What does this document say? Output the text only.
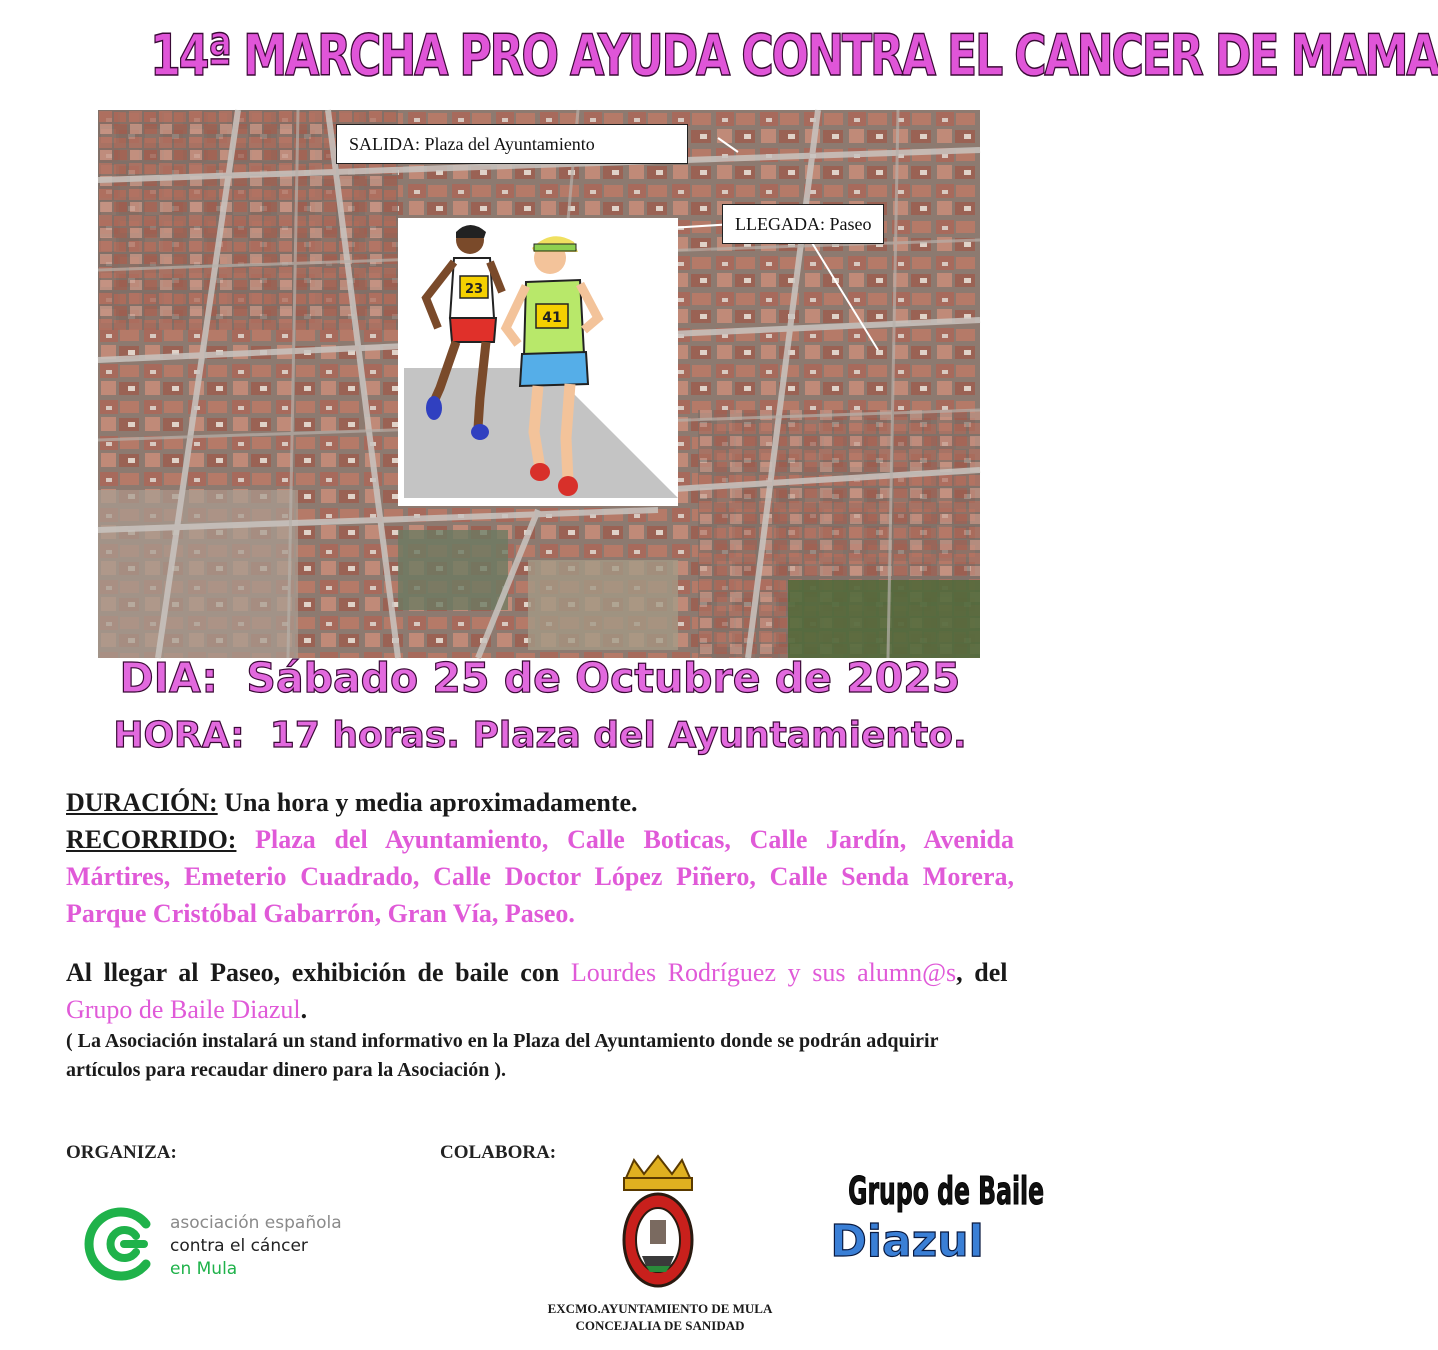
14ª MARCHA PRO AYUDA CONTRA EL CANCER DE MAMA
SALIDA: Plaza del Ayuntamiento
LLEGADA: Paseo
23
41
DIA: Sábado 25 de Octubre de 2025
HORA: 17 horas. Plaza del Ayuntamiento.
DURACIÓN: Una hora y media aproximadamente.
RECORRIDO: Plaza del Ayuntamiento, Calle Boticas, Calle Jardín, Avenida Mártires, Emeterio Cuadrado, Calle Doctor López Piñero, Calle Senda Morera, Parque Cristóbal Gabarrón, Gran Vía, Paseo.
Al llegar al Paseo, exhibición de baile con Lourdes Rodríguez y sus alumn@s, del  Grupo de Baile Diazul.
( La Asociación instalará un stand informativo en la Plaza del Ayuntamiento donde se podrán adquirir artículos para recaudar dinero para la Asociación ).
ORGANIZA:	COLABORA:
asociación española
contra el cáncer
en Mula
EXCMO.AYUNTAMIENTO DE MULA
CONCEJALIA DE SANIDAD
Grupo de Baile
Diazul
